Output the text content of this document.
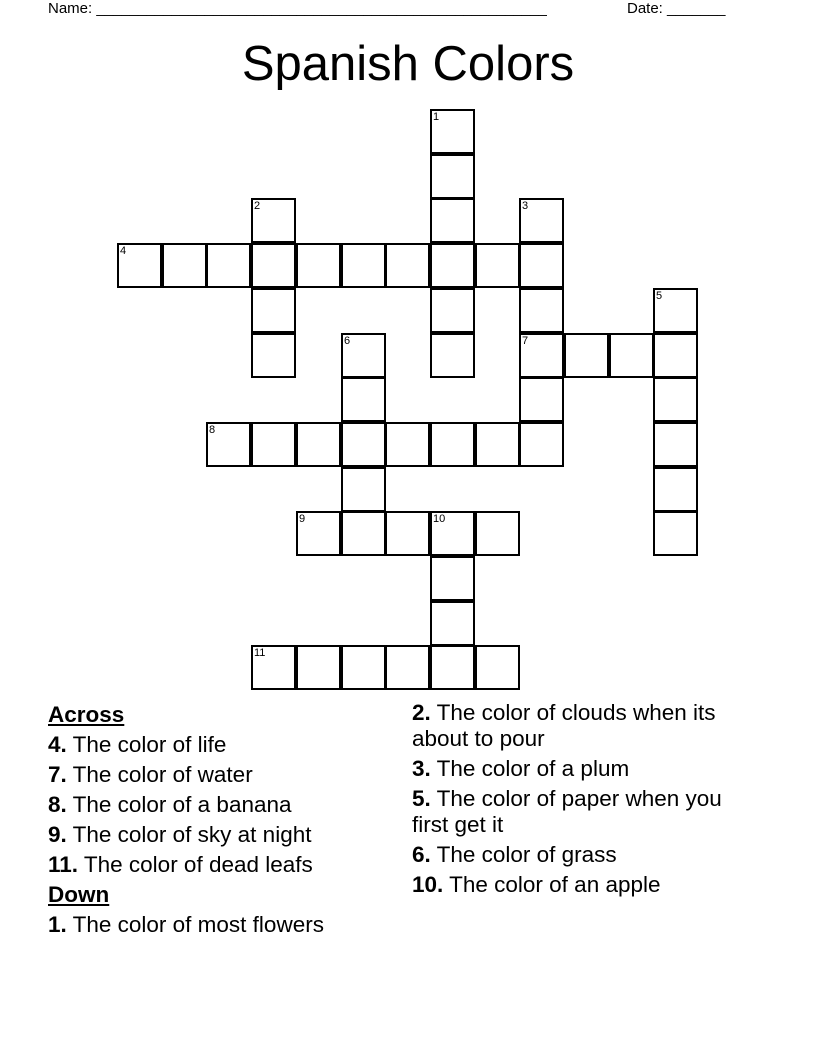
Name: ______________________________________________________	Date: _______
Spanish Colors
1
2	3
7
4
5
6
8
9	10
11
Across
4. The color of life
7. The color of water
8. The color of a banana
9. The color of sky at night
11. The color of dead leafs
Down
1. The color of most flowers
2. The color of clouds when its about to pour
3. The color of a plum
5. The color of paper when you first get it
6. The color of grass
10. The color of an apple
